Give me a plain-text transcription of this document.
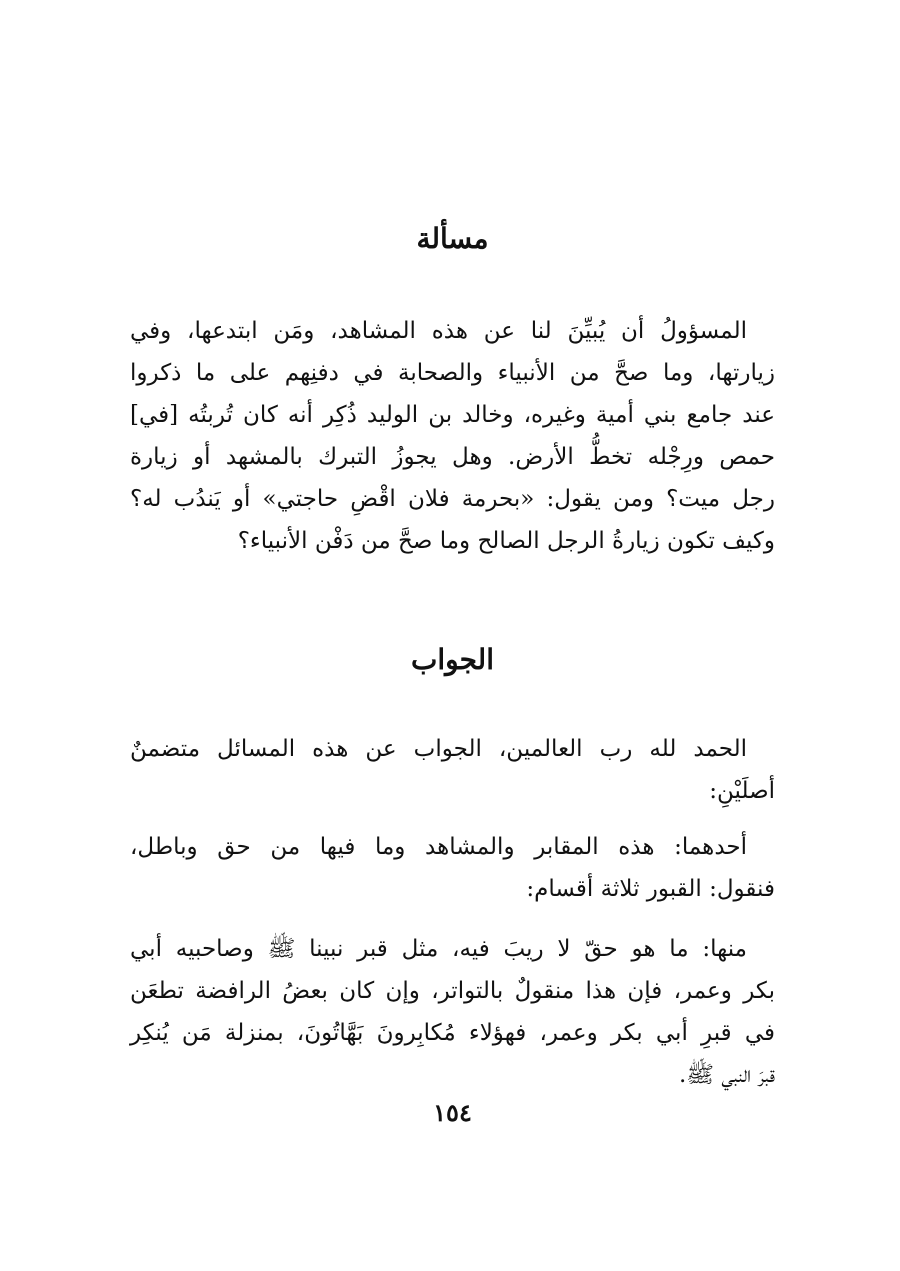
مسألة

المسؤولُ أن يُبيِّنَ لنا عن هذه المشاهد، ومَن ابتدعها، وفي
زيارتها، وما صحَّ من الأنبياء والصحابة في دفنِهم على ما ذكروا
عند جامع بني أمية وغيره، وخالد بن الوليد ذُكِر أنه كان تُربتُه [في]
حمص ورِجْله تخطُّ الأرض. وهل يجوزُ التبرك بالمشهد أو زيارة
رجل ميت؟ ومن يقول: «بحرمة فلان اقْضِ حاجتي» أو يَندُب له؟
وكيف تكون زيارةُ الرجل الصالح وما صحَّ من دَفْن الأنبياء؟

الجواب

الحمد لله رب العالمين، الجواب عن هذه المسائل متضمنٌ
أصلَيْنِ:

أحدهما: هذه المقابر والمشاهد وما فيها من حق وباطل،
فنقول: القبور ثلاثة أقسام:

منها: ما هو حقّ لا ريبَ فيه، مثل قبر نبينا ﷺ وصاحبيه أبي
بكر وعمر، فإن هذا منقولٌ بالتواتر، وإن كان بعضُ الرافضة تطعَن
في قبرِ أبي بكر وعمر، فهؤلاء مُكابِرونَ بَهَّاتُونَ، بمنزلة مَن يُنكِر
قبرَ النبي ﷺ.

١٥٤
